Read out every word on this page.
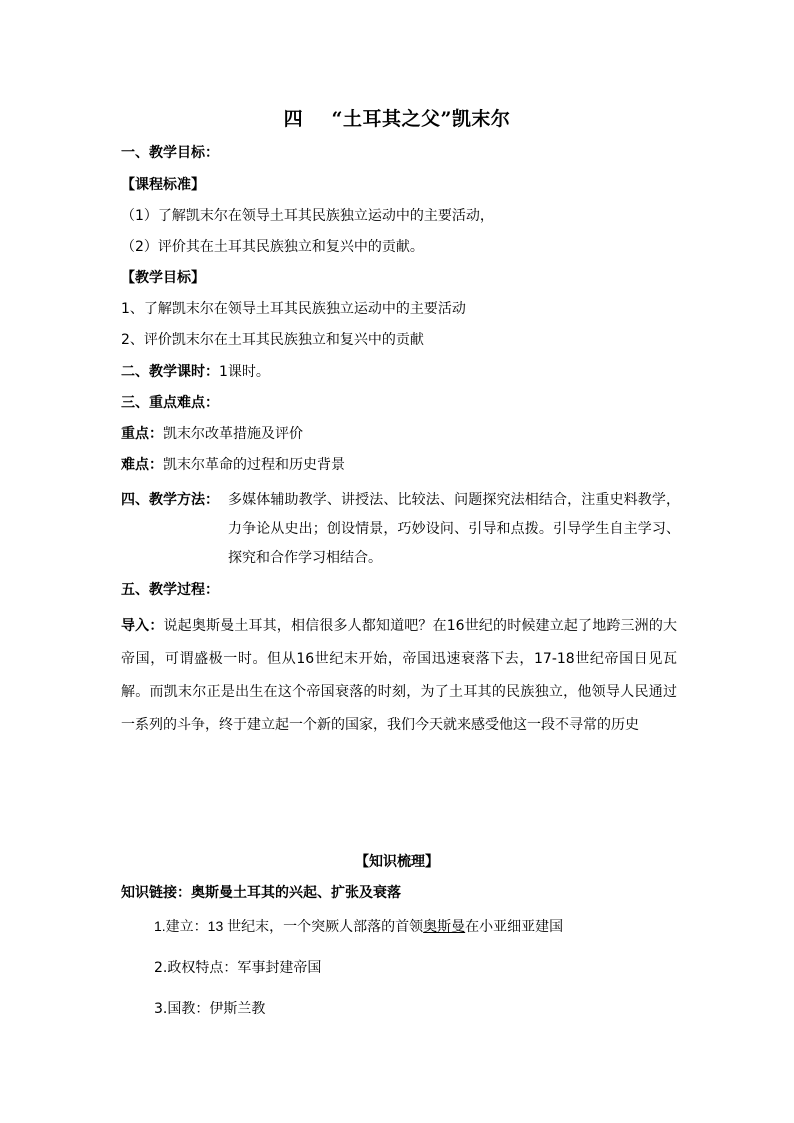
四    “土耳其之父”凯末尔
一、教学目标：
【课程标准】
（1）了解凯末尔在领导土耳其民族独立运动中的主要活动，
（2）评价其在土耳其民族独立和复兴中的贡献。
【教学目标】
1、了解凯末尔在领导土耳其民族独立运动中的主要活动
2、评价凯末尔在土耳其民族独立和复兴中的贡献
二、教学课时：1课时。
三、重点难点：
重点：凯末尔改革措施及评价
难点：凯末尔革命的过程和历史背景
四、教学方法： 多媒体辅助教学、讲授法、比较法、问题探究法相结合，注重史料教学，力争论从史出；创设情景，巧妙设问、引导和点拨。引导学生自主学习、探究和合作学习相结合。
五、教学过程：
导入：说起奥斯曼土耳其，相信很多人都知道吧？在16世纪的时候建立起了地跨三洲的大帝国，可谓盛极一时。但从16世纪末开始，帝国迅速衰落下去，17-18世纪帝国日见瓦解。而凯末尔正是出生在这个帝国衰落的时刻，为了土耳其的民族独立，他领导人民通过一系列的斗争，终于建立起一个新的国家，我们今天就来感受他这一段不寻常的历史
【知识梳理】
知识链接：奥斯曼土耳其的兴起、扩张及衰落
1.建立：13 世纪末，一个突厥人部落的首领奥斯曼在小亚细亚建国
2.政权特点：军事封建帝国
3.国教：伊斯兰教
